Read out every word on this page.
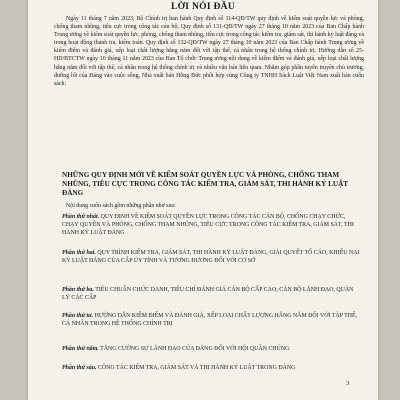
LỜI NÓI ĐẦU
Ngày 11 tháng 7 năm 2023, Bộ Chính trị ban hành Quy định số 114-QĐ/TW quy định về kiểm soát quyền lực và phòng, chống tham nhũng, tiêu cực trong công tác cán bộ. Quy định số 131-QĐ/TW ngày 27 tháng 10 năm 2023 của Ban Chấp hành Trung ương về kiểm soát quyền lực, phòng, chống tham nhũng, tiêu cực trong công tác kiểm tra, giám sát, thi hành kỷ luật đảng và trong hoạt động thanh tra, kiểm toán. Quy định số 132-QĐ/TW ngày 27 tháng 10 năm 2023 của Ban Chấp hành Trung ương về kiểm điểm và đánh giá, xếp loại chất lượng hằng năm đối với tập thể, cá nhân trong hệ thống chính trị. Hướng dẫn số 25-HD/BTCTW ngày 10 tháng 11 năm 2023 của Ban Tổ chức Trung ương nội dung về kiểm điểm và đánh giá, xếp loại chất lượng hằng năm đối với tập thể, cá nhân trong hệ thống chính trị và nhiều văn bản liên quan. Nhằm góp phần tuyên truyền chủ trương, đường lối của Đảng vào cuộc sống, Nhà xuất bản Hồng Đức phối hợp cùng Công ty TNHH Sách Luật Việt Nam xuất bản cuốn sách:
NHỮNG QUY ĐỊNH MỚI VỀ KIỂM SOÁT QUYỀN LỰC VÀ PHÒNG, CHỐNG THAM NHŨNG, TIÊU CỰC TRONG CÔNG TÁC KIỂM TRA, GIÁM SÁT, THI HÀNH KỶ LUẬT ĐẢNG
Nội dung cuốn sách gồm những phần như sau:
Phần thứ nhất. QUY ĐỊNH VỀ KIỂM SOÁT QUYỀN LỰC TRONG CÔNG TÁC CÁN BỘ, CHỐNG CHẠY CHỨC, CHẠY QUYỀN VÀ PHÒNG, CHỐNG THAM NHŨNG, TIÊU CỰC TRONG CÔNG TÁC KIỂM TRA, GIÁM SÁT, THI HÀNH KỶ LUẬT ĐẢNG
Phần thứ hai. QUY TRÌNH KIỂM TRA, GIÁM SÁT, THI HÀNH KỶ LUẬT ĐẢNG, GIẢI QUYẾT TỐ CÁO, KHIẾU NẠI KỶ LUẬT ĐẢNG CỦA CẤP ỦY TỈNH VÀ TƯƠNG ĐƯƠNG ĐỐI VỚI CƠ SỞ
Phần thứ ba. TIÊU CHUẨN CHỨC DANH, TIÊU CHÍ ĐÁNH GIÁ CÁN BỘ CẤP CAO; CÁN BỘ LÃNH ĐẠO, QUẢN LÝ CÁC CẤP
Phần thứ tư. HƯỚNG DẪN KIỂM ĐIỂM VÀ ĐÁNH GIÁ, XẾP LOẠI CHẤT LƯỢNG HẰNG NĂM ĐỐI VỚI TẬP THỂ, CÁ NHÂN TRONG HỆ THỐNG CHÍNH TRỊ
Phần thứ năm. TĂNG CƯỜNG SỰ LÃNH ĐẠO CỦA ĐẢNG ĐỐI VỚI HỘI QUẦN CHÚNG
Phần thứ sáu. CÔNG TÁC KIỂM TRA, GIÁM SÁT VÀ THI HÀNH KỶ LUẬT TRONG ĐẢNG
3
